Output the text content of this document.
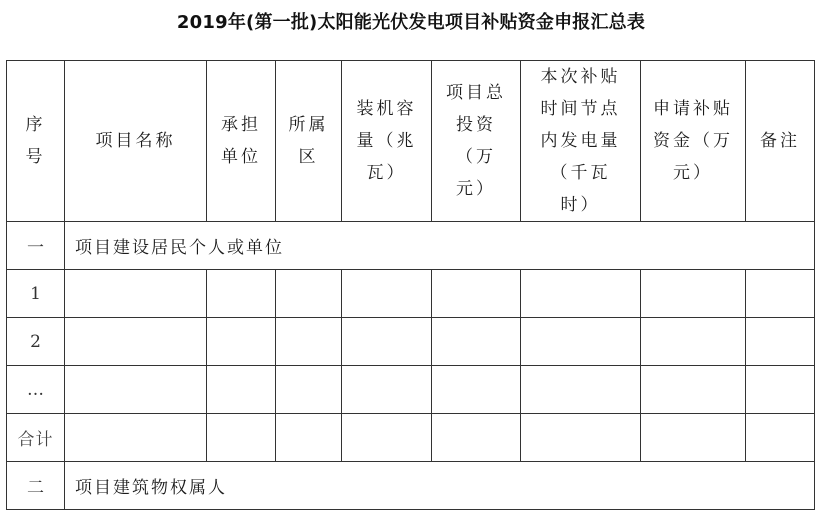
2019年(第一批)太阳能光伏发电项目补贴资金申报汇总表
序号	项目名称	承担单位	所属区	装机容量（兆瓦）	项目总投资（万元）	本次补贴时间节点内发电量（千瓦时）	申请补贴资金（万元）	备注
一	项目建设居民个人或单位							
1								
2								
…								
合计								
二	项目建筑物权属人							
